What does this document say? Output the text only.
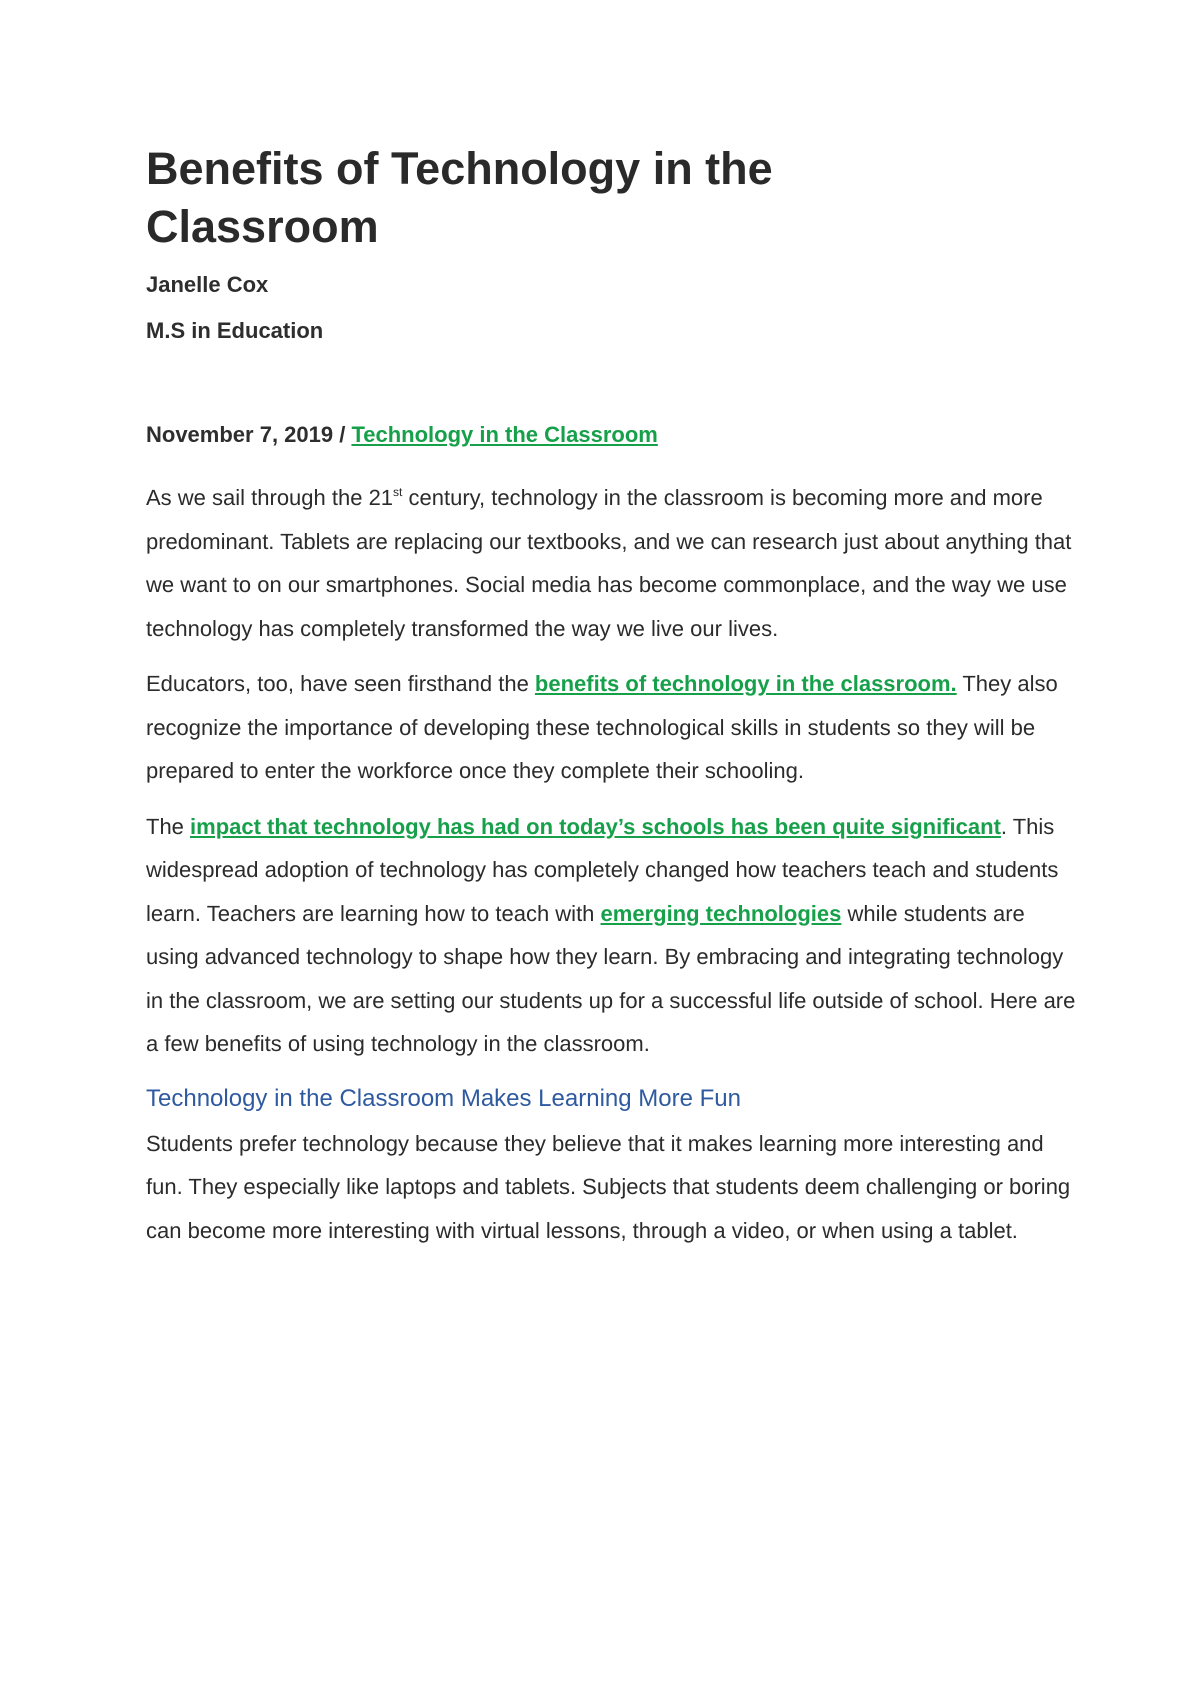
Benefits of Technology in the Classroom
Janelle Cox
M.S in Education
November 7, 2019 / Technology in the Classroom

As we sail through the 21st century, technology in the classroom is becoming more and more predominant. Tablets are replacing our textbooks, and we can research just about anything that we want to on our smartphones. Social media has become commonplace, and the way we use technology has completely transformed the way we live our lives.

Educators, too, have seen firsthand the benefits of technology in the classroom. They also recognize the importance of developing these technological skills in students so they will be prepared to enter the workforce once they complete their schooling.

The impact that technology has had on today’s schools has been quite significant. This widespread adoption of technology has completely changed how teachers teach and students learn. Teachers are learning how to teach with emerging technologies while students are using advanced technology to shape how they learn. By embracing and integrating technology in the classroom, we are setting our students up for a successful life outside of school. Here are a few benefits of using technology in the classroom.

Technology in the Classroom Makes Learning More Fun

Students prefer technology because they believe that it makes learning more interesting and fun. They especially like laptops and tablets. Subjects that students deem challenging or boring can become more interesting with virtual lessons, through a video, or when using a tablet.
